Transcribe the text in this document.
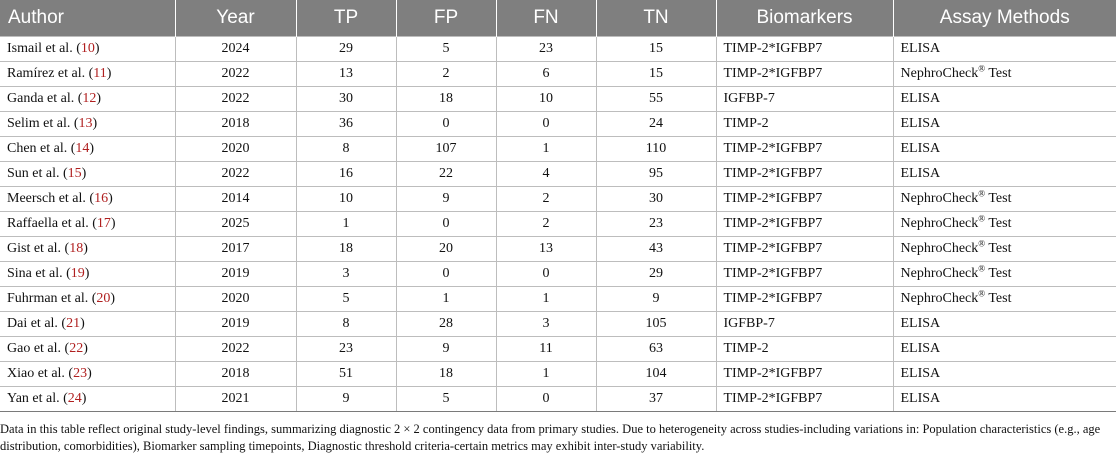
Author	Year	TP	FP	FN	TN	Biomarkers	Assay Methods
Ismail et al. (10)	2024	29	5	23	15	TIMP-2*IGFBP7	ELISA
Ramírez et al. (11)	2022	13	2	6	15	TIMP-2*IGFBP7	NephroCheck® Test
Ganda et al. (12)	2022	30	18	10	55	IGFBP-7	ELISA
Selim et al. (13)	2018	36	0	0	24	TIMP-2	ELISA
Chen et al. (14)	2020	8	107	1	110	TIMP-2*IGFBP7	ELISA
Sun et al. (15)	2022	16	22	4	95	TIMP-2*IGFBP7	ELISA
Meersch et al. (16)	2014	10	9	2	30	TIMP-2*IGFBP7	NephroCheck® Test
Raffaella et al. (17)	2025	1	0	2	23	TIMP-2*IGFBP7	NephroCheck® Test
Gist et al. (18)	2017	18	20	13	43	TIMP-2*IGFBP7	NephroCheck® Test
Sina et al. (19)	2019	3	0	0	29	TIMP-2*IGFBP7	NephroCheck® Test
Fuhrman et al. (20)	2020	5	1	1	9	TIMP-2*IGFBP7	NephroCheck® Test
Dai et al. (21)	2019	8	28	3	105	IGFBP-7	ELISA
Gao et al. (22)	2022	23	9	11	63	TIMP-2	ELISA
Xiao et al. (23)	2018	51	18	1	104	TIMP-2*IGFBP7	ELISA
Yan et al. (24)	2021	9	5	0	37	TIMP-2*IGFBP7	ELISA
Data in this table reflect original study-level findings, summarizing diagnostic 2 × 2 contingency data from primary studies. Due to heterogeneity across studies-including variations in: Population characteristics (e.g., age distribution, comorbidities), Biomarker sampling timepoints, Diagnostic threshold criteria-certain metrics may exhibit inter-study variability.
